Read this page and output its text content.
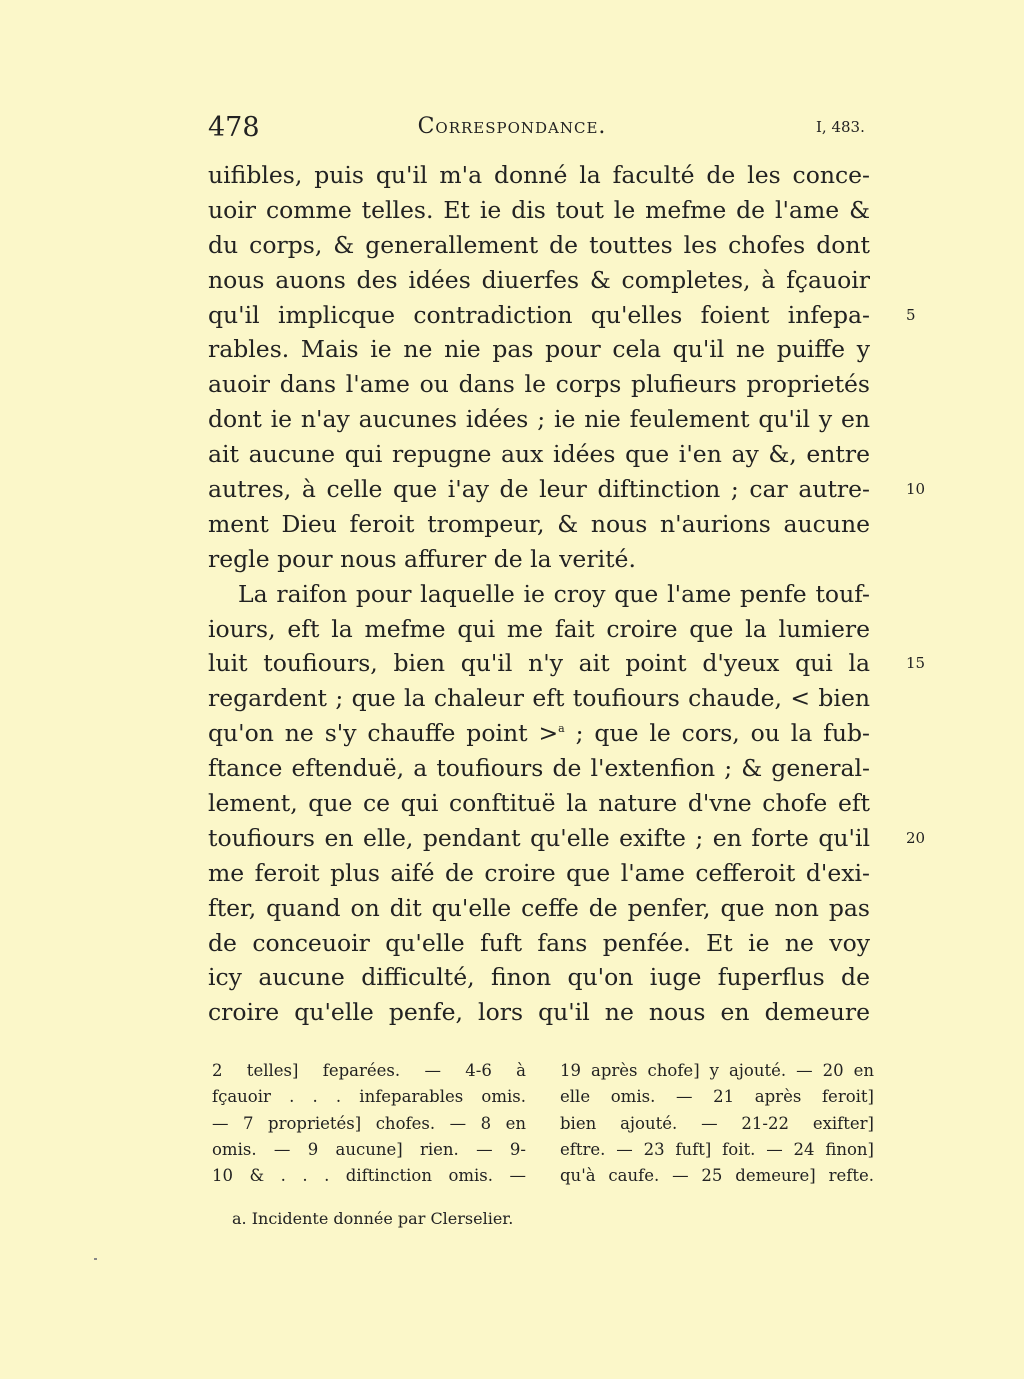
478	Correspondance.	I, 483.
uifibles, puis qu'il m'a donné la faculté de les conce-
uoir comme telles. Et ie dis tout le mefme de l'ame &
du corps, & generallement de touttes les chofes dont
nous auons des idées diuerfes & completes, à fçauoir
qu'il implicque contradiction qu'elles foient infepa- 5
rables. Mais ie ne nie pas pour cela qu'il ne puiffe y
auoir dans l'ame ou dans le corps plufieurs proprietés
dont ie n'ay aucunes idées ; ie nie feulement qu'il y en
ait aucune qui repugne aux idées que i'en ay &, entre
autres, à celle que i'ay de leur diftinction ; car autre- 10
ment Dieu feroit trompeur, & nous n'aurions aucune
regle pour nous affurer de la verité.
La raifon pour laquelle ie croy que l'ame penfe touf-
iours, eft la mefme qui me fait croire que la lumiere
luit toufiours, bien qu'il n'y ait point d'yeux qui la 15
regardent ; que la chaleur eft toufiours chaude, < bien
qu'on ne s'y chauffe point >$^a$ ; que le cors, ou la fub-
ftance eftenduë, a toufiours de l'extenfion ; & general-
lement, que ce qui conftituë la nature d'vne chofe eft
toufiours en elle, pendant qu'elle exifte ; en forte qu'il 20
me feroit plus aifé de croire que l'ame cefferoit d'exi-
fter, quand on dit qu'elle ceffe de penfer, que non pas
de conceuoir qu'elle fuft fans penfée. Et ie ne voy
icy aucune difficulté, finon qu'on iuge fuperflus de
croire qu'elle penfe, lors qu'il ne nous en demeure
2 telles] feparées. — 4-6 à
fçauoir . . . infeparables omis.
— 7 proprietés] chofes. — 8 en
omis. — 9 aucune] rien. — 9-
10 & . . . diftinction omis. —
19 après chofe] y ajouté. — 20 en
elle omis. — 21 après feroit]
bien ajouté. — 21-22 exifter]
eftre. — 23 fuft] foit. — 24 finon]
qu'à caufe. — 25 demeure] refte.
a. Incidente donnée par Clerselier.
